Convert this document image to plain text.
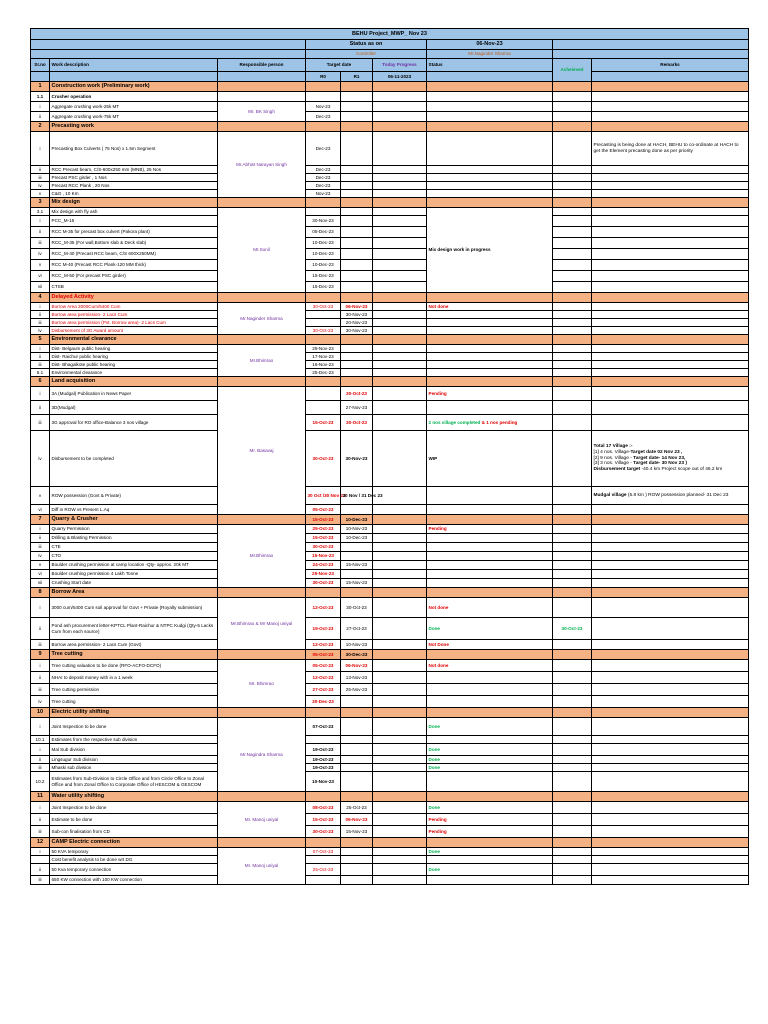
BEHU Project_MWP_ Nov 23								
			Status as on			06-Nov-23		
			Controller			Mr.Naginder Sharma		
Sr.no	Work description	Responsible person	Target date		Today Progress	Status	Acheieved	Remarks
			R0	R1	06-11-2023			
1	Construction work (Preliminary work)							
1.1	Crusher operation							
i	Aggregate crushing work-25k MT	Mr. BK Singh	Nov-23					
ii	Aggregate crushing work-75k MT		Dec-23					
2	Precasting work							
i	Precasting Box Culverts ( 75 Nos) x 1.5m Segment	Mr.Abhist Narayan Singh	Dec-23					Precasting is being done at HACH, BEHU to co-ordinate at HACH to get the Element precasting done as per priority
ii	RCC Precast beam, C/S-600x250 mm (MNB), 25 Nos		Dec-23					
iii	Precast PSC girder , 1 Nos		Dec-23					
iv	Precast RCC Plank , 20 Nos		Dec-23					
v	C&G , 10 Km		Nov-23					
3	Mix design							
3.1	Mix design with fly ash	Mr.Sunil				Mix design work in progress		
i	PCC_M-15		30-Nov-23					
ii	RCC M-35 for precast box culvert (Pakora plant)		05-Dec-23					
iii	RCC_M-35 (For wall,Bottom slab & Deck slab)		10-Dec-23					
iv	RCC_M-40 (Precast RCC beam, C/S 600X250MM)		10-Dec-23					
v	RCC M-40 (Precast RCC Plank-120 MM thick)		10-Dec-23					
vi	RCC_M-50 (For precast PSC girder)		15-Dec-23					
vii	CTSB		15-Dec-23					
4	Delayed Activity							
i	Borrow Area 3000Cum/5400 Cum	Mr.Naginder Sharma	30-Oct-23	06-Nov-23		Not done		
ii	Borrow area permission- 2 Lacs Cum			30-Nov-23				
iii	Borrow area permission (Pvt. Borrow area)- 2 Lacs Cum			20-Nov-23				
iv	Disbursement of 3G Award amount		30-Oct-23	30-Nov-23				
5	Environmental clearance							
i	Dist- Belgaum public hearing	Mr.Bhimrao	29-Nov-23					
ii	Dist- Raichur public hearing		17-Nov-23					
iii	Dist- Bhagalkote public hearing		16-Nov-23					
5.1	Environmental clearance		25-Dec-23					
6	Land acquisition							
i	3A (Mudgal) Publication in News Paper	Mr. Basavaj		30-Oct-23		Pending		
ii	3D(Mudgal)			27-Nov-23				
iii	3G approval for RO office-Balance 3 nos village		15-Oct-23	30-Oct-23		2 nos village completed & 1 nos pending		
iv	Disbursement to be completed		30-Oct-23	30-Nov-23		WIP		Total 17 Village :-
[1] 4 nos. Village-Target date 02 Nov 23 ,
[2] 9 nos. Village - Target date- 14 Nov 23,
[3] 3 nos. Village - Target date- 30 Nov 23 )
Disbursement target -40.4 km Project scope out of 46.2 km

v	ROW possession (Govt & Private)		30 Oct /30 Nov 23	30 Nov / 31 Dec 23				Mudgal village (5.8 km ) ROW possession planned- 31 Dec 23
vi	Diff in ROW vs Present L.Aq		05-Oct-23					
7	Quarry & Crusher		15-Oct-23	10-Dec-23				
i	Quarry Permission	Mr.Bhimrao	25-Oct-23	10-Nov-23		Pending		
ii	Drilling & Blasting Permission		15-Oct-23	10-Dec-23				
iii	CTE		30-Oct-23					
iv	CTO		15-Nov-23					
v	Boulder crushing permission at camp location -Qty- approx. 20k MT		24-Oct-23	15-Nov-23				
vi	Boulder crushing permission 4 Lakh Tonne		25-Nov-23					
vii	Crushing Start date		30-Oct-23	15-Nov-23				
8	Borrow Area							
i	3000 cum/5400 Cum soil approval for Govt + Private (Royalty submission)	Mr.Bhimrao & Mr Manoj uniyal	12-Oct-23	30-Oct-23		Not done		
ii	Pond ash procurement letter-KPTCL Plant-Raichur & NTPC Kudgi (Qty-5 Lacks Cum from each source)		19-Oct-23	27-Oct-23		Done	30-Oct-23	
iii	Borrow area permission- 2 Lacs Cum (Govt)		12-Oct-23	10-Nov-23		Not Done		
9	Tree cutting		05-Oct-23	30-Dec-23				
i	Tree cutting valuation to be done (RFO-ACFO-DCFO)	Mr. Bhimrao	05-Oct-23	06-Nov-23		Not done		
ii	NHAI to deposit money with in a 1 week		12-Oct-23	13-Nov-23				
iii	Tree cutting permission		27-Oct-23	25-Nov-23				
iv	Tree cutting		30-Dec-23					
10	Electric utility shifting							
i	Joint Inspection to be done	Mr.Nagindra Sharma	07-Oct-23			Done		
10.1	Estimates from the respective sub division							
i	Mal Sub division		19-Oct-23			Done		
ii	Lingsugur Sub division		19-Oct-23			Done		
iii	Mhaski sub division		19-Oct-23			Done		
10.2	Estimates from Sub-Division to Circle Office and from Circle Office to Zonal Office and from Zonal Office to Corporate Office of HESCOM & GESCOM		10-Nov-23					
11	Water utility shifting							
i	Joint Inspection to be done	Mr. Manoj uniyal	08-Oct-23	25-Oct-23		Done		
ii	Estimate to be done		15-Oct-23	06-Nov-23		Pending		
iii	Sub-con finalisation from CD		30-Oct-23	15-Nov-23		Pending		
12	CAMP Electric connection							
i	50 KVA temporary	Mr. Manoj uniyal	07-Oct-23			Done		
	Cost benefit analysis to be done wrt DG							
ii	50 Kva temporary connection		25-Oct-23			Done		
iii	650 KW connection with 100 KW connection							
